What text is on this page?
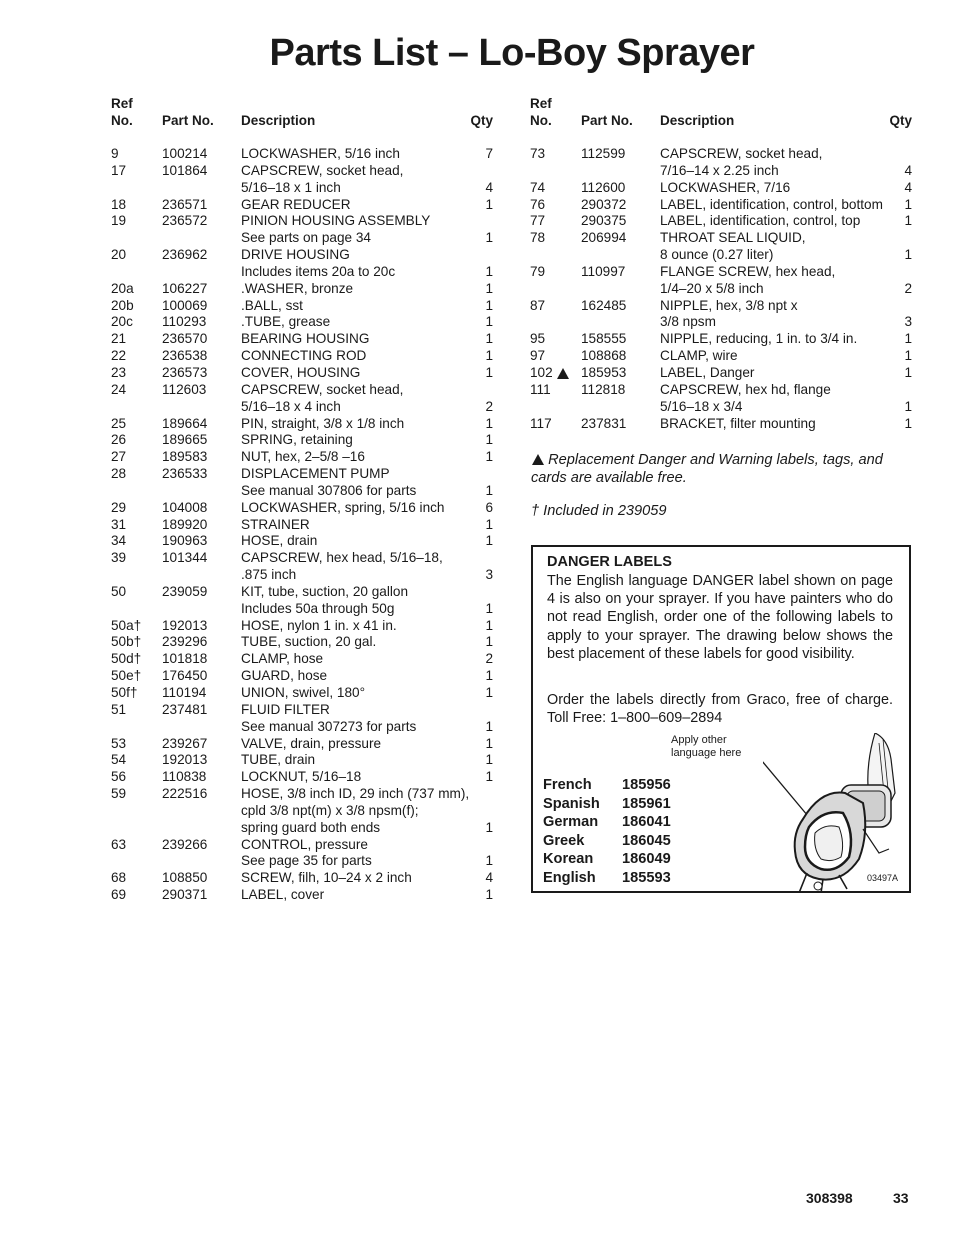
Parts List – Lo-Boy Sprayer
Ref
No. Part No. Description	Qty
9	100214 LOCKWASHER, 5/16 inch	7
17	101864 CAPSCREW, socket head,
5/16–18 x 1 inch	4
18	236571 GEAR REDUCER	1
19	236572 PINION HOUSING ASSEMBLY
See parts on page 34	1
20	236962 DRIVE HOUSING
Includes items 20a to 20c	1
20a 106227 .WASHER, bronze	1
20b 100069 .BALL, sst	1
20c 110293	.TUBE, grease	1
21	236570 BEARING HOUSING	1
22	236538 CONNECTING ROD	1
23	236573 COVER, HOUSING	1
24	112603	CAPSCREW, socket head,
5/16–18 x 4 inch	2
25	189664 PIN, straight, 3/8 x 1/8 inch	1
26	189665 SPRING, retaining	1
27	189583 NUT, hex, 2–5/8 –16	1
28	236533 DISPLACEMENT PUMP
See manual 307806 for parts	1
29	104008 LOCKWASHER, spring, 5/16 inch	6
31	189920 STRAINER	1
34	190963 HOSE, drain	1
39	101344 CAPSCREW, hex head, 5/16–18,
.875 inch	3
50	239059 KIT, tube, suction, 20 gallon
Includes 50a through 50g	1
50a† 192013 HOSE, nylon 1 in. x 41 in.	1
50b† 239296 TUBE, suction, 20 gal.	1
50d† 101818 CLAMP, hose	2
50e† 176450 GUARD, hose	1
50f† 110194	UNION, swivel, 180°	1
51	237481 FLUID FILTER
See manual 307273 for parts	1
53	239267 VALVE, drain, pressure	1
54	192013 TUBE, drain	1
56	110838	LOCKNUT, 5/16–18	1
59	222516 HOSE, 3/8 inch ID, 29 inch (737 mm),
cpld 3/8 npt(m) x 3/8 npsm(f);
spring guard both ends	1
63	239266 CONTROL, pressure
See page 35 for parts	1
68	108850 SCREW, filh, 10–24 x 2 inch	4
69	290371 LABEL, cover	1
Ref
No. Part No. Description	Qty
73	112599	CAPSCREW, socket head,
7/16–14 x 2.25 inch	4
74	112600	LOCKWASHER, 7/16	4
76	290372 LABEL, identification, control, bottom 1
77	290375 LABEL, identification, control, top	1
78	206994 THROAT SEAL LIQUID,
8 ounce (0.27 liter)	1
79	110997	FLANGE SCREW, hex head,
1/4–20 x 5/8 inch	2
87	162485 NIPPLE, hex, 3/8 npt x
3/8 npsm	3
95	158555 NIPPLE, reducing, 1 in. to 3/4 in.	1
97	108868 CLAMP, wire	1
102 185953 LABEL, Danger	1
111 112818	CAPSCREW, hex hd, flange
5/16–18 x 3/4	1
117 237831 BRACKET, filter mounting	1
Replacement Danger and Warning labels, tags, and cards are available free.
† Included in 239059
DANGER LABELS
The English language DANGER label shown on page 4 is also on your sprayer. If you have painters who do not read English, order one of the following labels to apply to your sprayer. The drawing below shows the best placement of these labels for good visibility.
Order the labels directly from Graco, free of charge. Toll Free: 1–800–609–2894
French 185956
Spanish 185961
German 186041
Greek	186045
Korean 186049
English 185593
Apply other language here
03497A
308398	33
